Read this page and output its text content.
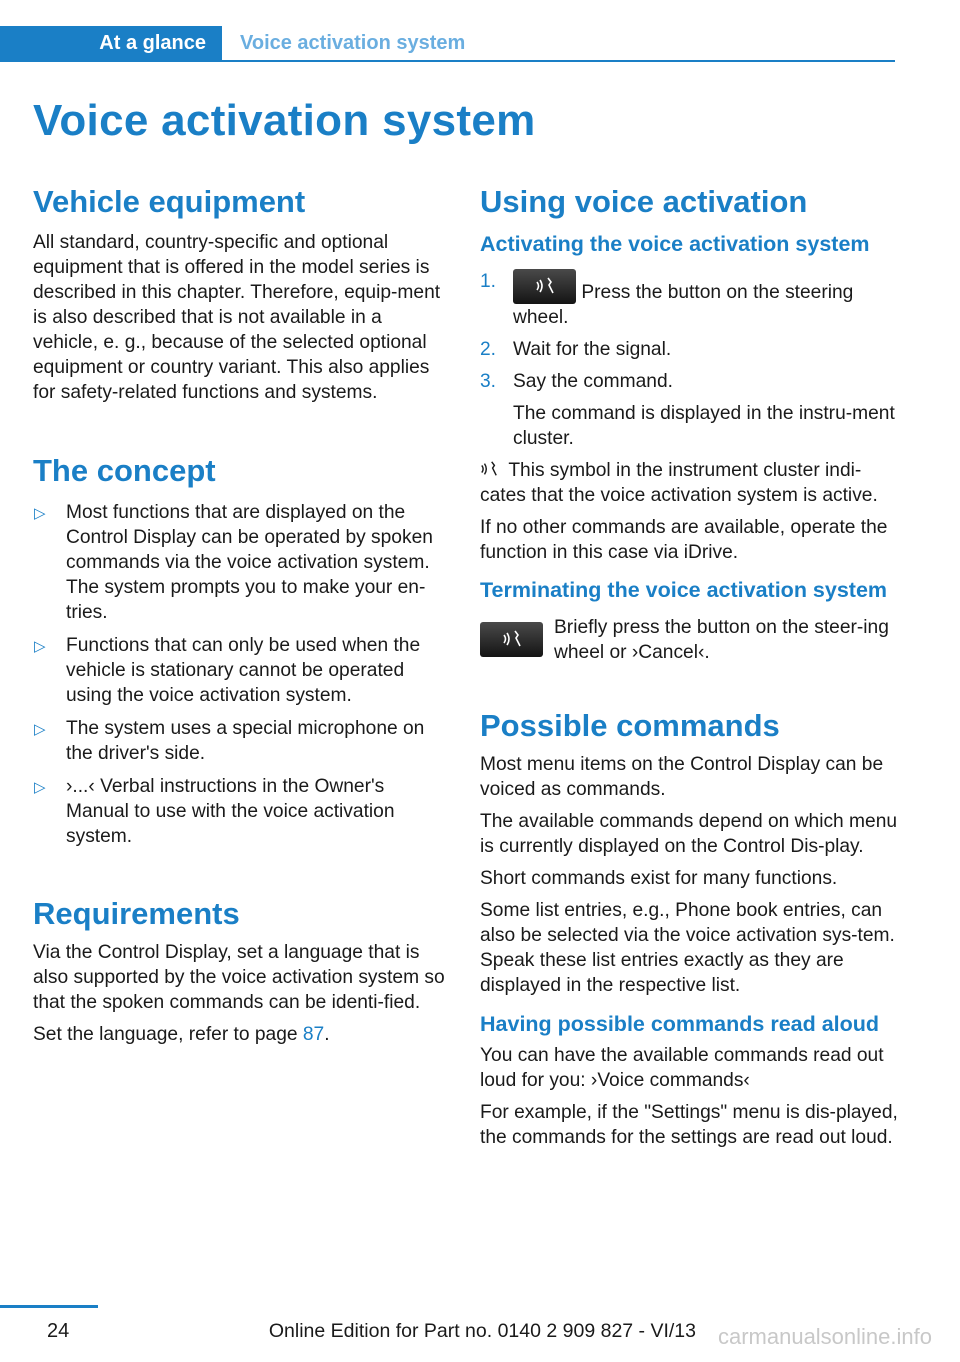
At a glance Voice activation system
Voice activation system
Vehicle equipment

All standard, country-specific and optional equipment that is offered in the model series is described in this chapter. Therefore, equip-ment is also described that is not available in a vehicle, e. g., because of the selected optional equipment or country variant. This also applies for safety-related functions and systems.

The concept
▷ Most functions that are displayed on the Control Display can be operated by spoken commands via the voice activation system. The system prompts you to make your en-tries.
▷ Functions that can only be used when the vehicle is stationary cannot be operated using the voice activation system.
▷ The system uses a special microphone on the driver's side.
▷ ›...‹ Verbal instructions in the Owner's Manual to use with the voice activation system.
Requirements

Via the Control Display, set a language that is also supported by the voice activation system so that the spoken commands can be identi-fied.

Set the language, refer to page 87.

Using voice activation
Activating the voice activation system
1.
Press the button on the steering wheel.
2. Wait for the signal.
3. Say the command.
The command is displayed in the instru-ment cluster.

This symbol in the instrument cluster indi-cates that the voice activation system is active.

If no other commands are available, operate the function in this case via iDrive.

Terminating the voice activation system

Briefly press the button on the steer-ing wheel or ›Cancel‹.

Possible commands

Most menu items on the Control Display can be voiced as commands.

The available commands depend on which menu is currently displayed on the Control Dis-play.

Short commands exist for many functions.

Some list entries, e.g., Phone book entries, can also be selected via the voice activation sys-tem. Speak these list entries exactly as they are displayed in the respective list.

Having possible commands read aloud

You can have the available commands read out loud for you: ›Voice commands‹

For example, if the "Settings" menu is dis-played, the commands for the settings are read out loud.

24	Online Edition for Part no. 0140 2 909 827 - VI/13 carmanualsonline.info
